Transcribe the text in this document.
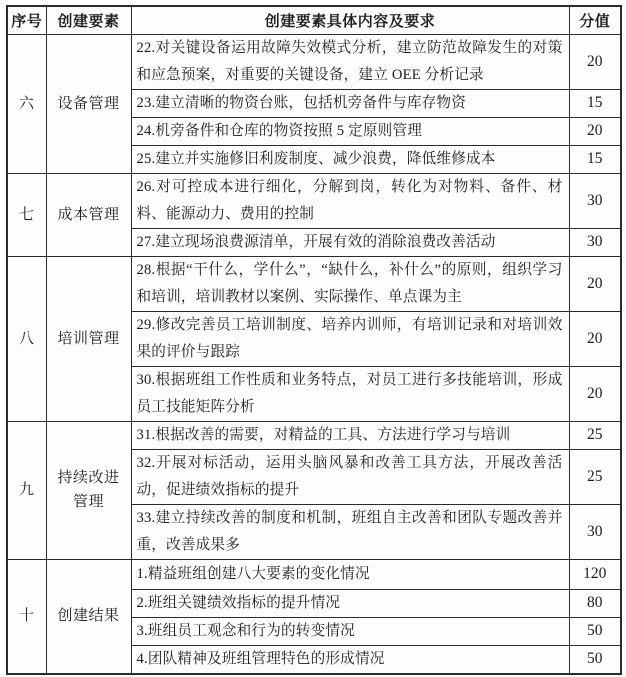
序号	创建要素	创建要素具体内容及要求	分值
六	设备管理	22.对关键设备运用故障失效模式分析，建立防范故障发生的对策和应急预案，对重要的关键设备，建立 OEE 分析记录	20
		23.建立清晰的物资台账，包括机旁备件与库存物资	15
		24.机旁备件和仓库的物资按照 5 定原则管理	20
		25.建立并实施修旧利废制度、减少浪费，降低维修成本	15
七	成本管理	26.对可控成本进行细化，分解到岗，转化为对物料、备件、材料、能源动力、费用的控制	30
		27.建立现场浪费源清单，开展有效的消除浪费改善活动	30
八	培训管理	28.根据“干什么，学什么”，“缺什么，补什么”的原则，组织学习和培训，培训教材以案例、实际操作、单点课为主	20
		29.修改完善员工培训制度、培养内训师，有培训记录和对培训效果的评价与跟踪	20
		30.根据班组工作性质和业务特点，对员工进行多技能培训，形成员工技能矩阵分析	20
九	持续改进管理	31.根据改善的需要，对精益的工具、方法进行学习与培训	25
		32.开展对标活动，运用头脑风暴和改善工具方法，开展改善活动，促进绩效指标的提升	25
		33.建立持续改善的制度和机制，班组自主改善和团队专题改善并重，改善成果多	30
十	创建结果	1.精益班组创建八大要素的变化情况	120
		2.班组关键绩效指标的提升情况	80
		3.班组员工观念和行为的转变情况	50
		4.团队精神及班组管理特色的形成情况	50
